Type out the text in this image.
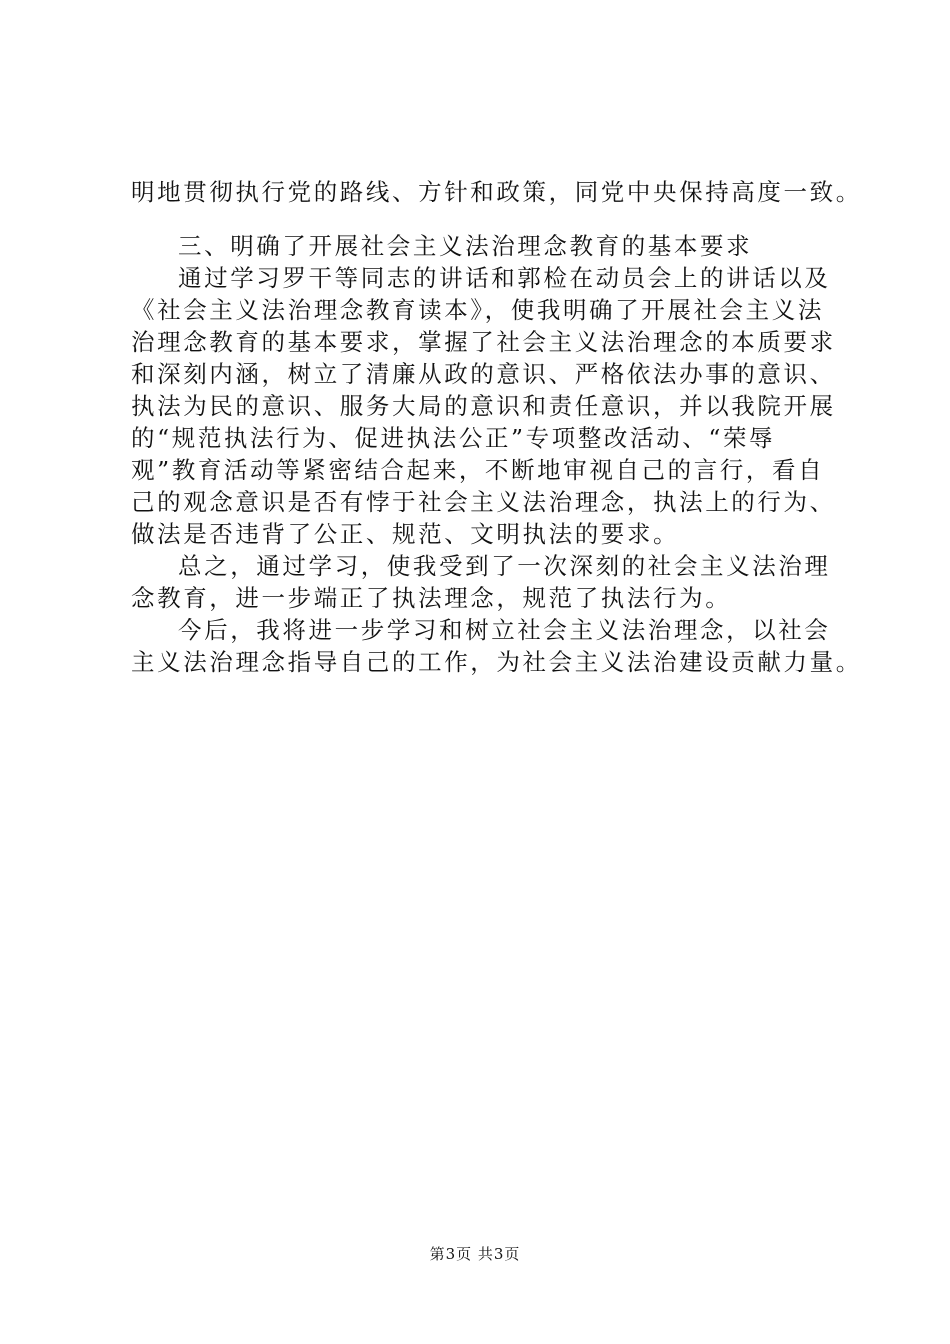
明地贯彻执行党的路线、方针和政策，同党中央保持高度一致。
三、明确了开展社会主义法治理念教育的基本要求
通过学习罗干等同志的讲话和郭检在动员会上的讲话以及
《社会主义法治理念教育读本》，使我明确了开展社会主义法
治理念教育的基本要求，掌握了社会主义法治理念的本质要求
和深刻内涵，树立了清廉从政的意识、严格依法办事的意识、
执法为民的意识、服务大局的意识和责任意识，并以我院开展
的“规范执法行为、促进执法公正”专项整改活动、“荣辱
观”教育活动等紧密结合起来，不断地审视自己的言行，看自
己的观念意识是否有悖于社会主义法治理念，执法上的行为、
做法是否违背了公正、规范、文明执法的要求。
总之，通过学习，使我受到了一次深刻的社会主义法治理
念教育，进一步端正了执法理念，规范了执法行为。
今后，我将进一步学习和树立社会主义法治理念，以社会
主义法治理念指导自己的工作，为社会主义法治建设贡献力量。
第3页 共3页
